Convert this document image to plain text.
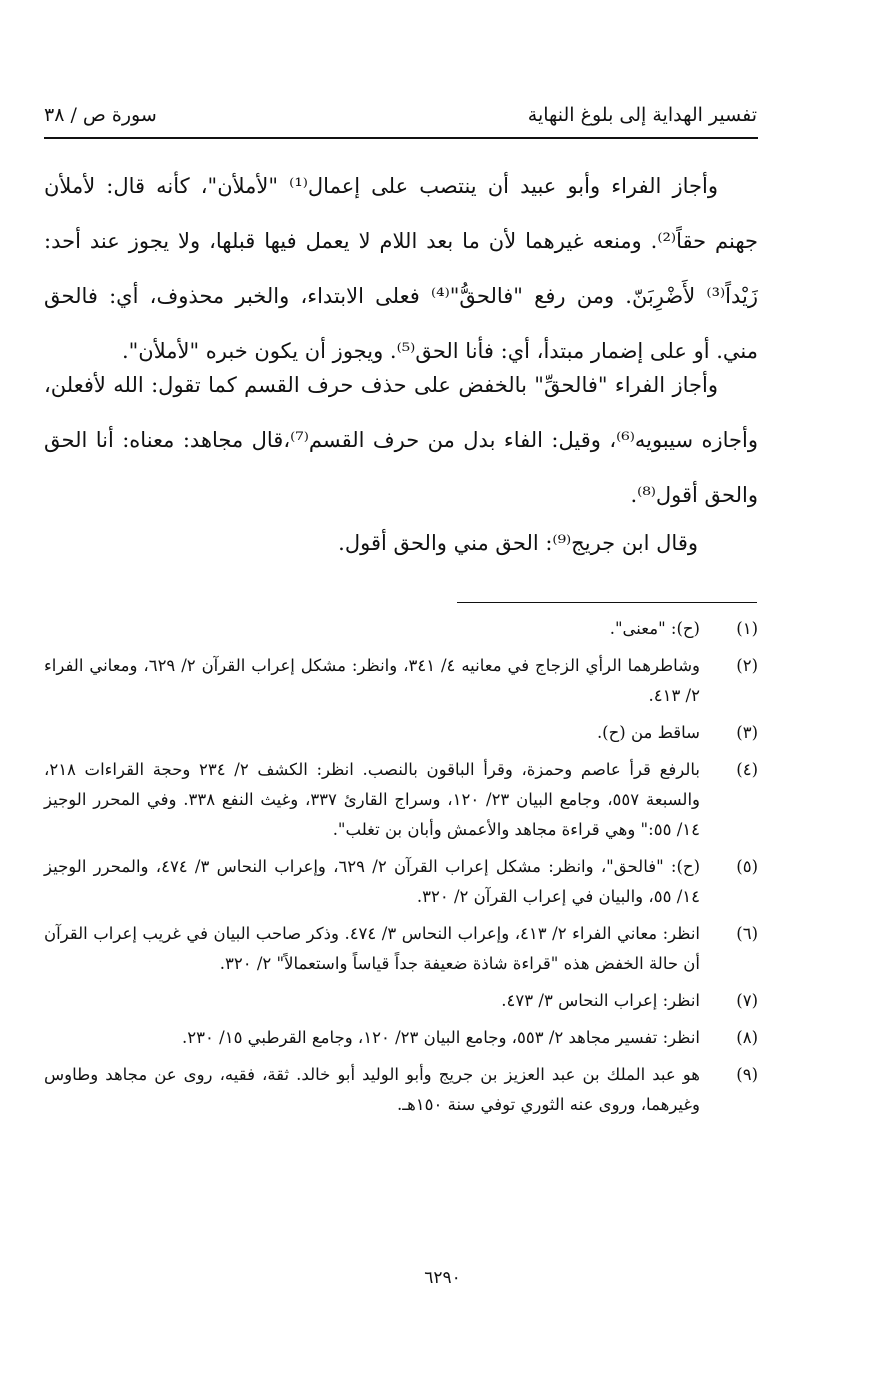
تفسير الهداية إلى بلوغ النهاية
سورة ص / ٣٨
وأجاز الفراء وأبو عبيد أن ينتصب على إعمال⁽¹⁾ "لأملأن"، كأنه قال: لأملأن جهنم حقاً⁽²⁾. ومنعه غيرهما لأن ما بعد اللام لا يعمل فيها قبلها، ولا يجوز عند أحد: زَيْداً⁽³⁾ لأَضْرِبَنّ. ومن رفع "فالحقُّ"⁽⁴⁾ فعلى الابتداء، والخبر محذوف، أي: فالحق مني. أو على إضمار مبتدأ، أي: فأنا الحق⁽⁵⁾. ويجوز أن يكون خبره "لأملأن".
وأجاز الفراء "فالحقِّ" بالخفض على حذف حرف القسم كما تقول: الله لأفعلن، وأجازه سيبويه⁽⁶⁾، وقيل: الفاء بدل من حرف القسم⁽⁷⁾،قال مجاهد: معناه: أنا الحق والحق أقول⁽⁸⁾.
وقال ابن جريج⁽⁹⁾: الحق مني والحق أقول.
(١)
(ح): "معنى".
(٢)
وشاطرهما الرأي الزجاج في معانيه ٤/ ٣٤١، وانظر: مشكل إعراب القرآن ٢/ ٦٢٩، ومعاني الفراء ٢/ ٤١٣.
(٣)
ساقط من (ح).
(٤)
بالرفع قرأ عاصم وحمزة، وقرأ الباقون بالنصب. انظر: الكشف ٢/ ٢٣٤ وحجة القراءات ٢١٨، والسبعة ٥٥٧، وجامع البيان ٢٣/ ١٢٠، وسراج القارئ ٣٣٧، وغيث النفع ٣٣٨. وفي المحرر الوجيز ١٤/ ٥٥:" وهي قراءة مجاهد والأعمش وأبان بن تغلب".
(٥)
(ح): "فالحق"، وانظر: مشكل إعراب القرآن ٢/ ٦٢٩، وإعراب النحاس ٣/ ٤٧٤، والمحرر الوجيز ١٤/ ٥٥، والبيان في إعراب القرآن ٢/ ٣٢٠.
(٦)
انظر: معاني الفراء ٢/ ٤١٣، وإعراب النحاس ٣/ ٤٧٤. وذكر صاحب البيان في غريب إعراب القرآن أن حالة الخفض هذه "قراءة شاذة ضعيفة جداً قياساً واستعمالاً" ٢/ ٣٢٠.
(٧)
انظر: إعراب النحاس ٣/ ٤٧٣.
(٨)
انظر: تفسير مجاهد ٢/ ٥٥٣، وجامع البيان ٢٣/ ١٢٠، وجامع القرطبي ١٥/ ٢٣٠.
(٩)
هو عبد الملك بن عبد العزيز بن جريج وأبو الوليد أبو خالد. ثقة، فقيه، روى عن مجاهد وطاوس وغيرهما، وروى عنه الثوري توفي سنة ١٥٠هـ.
٦٢٩٠
